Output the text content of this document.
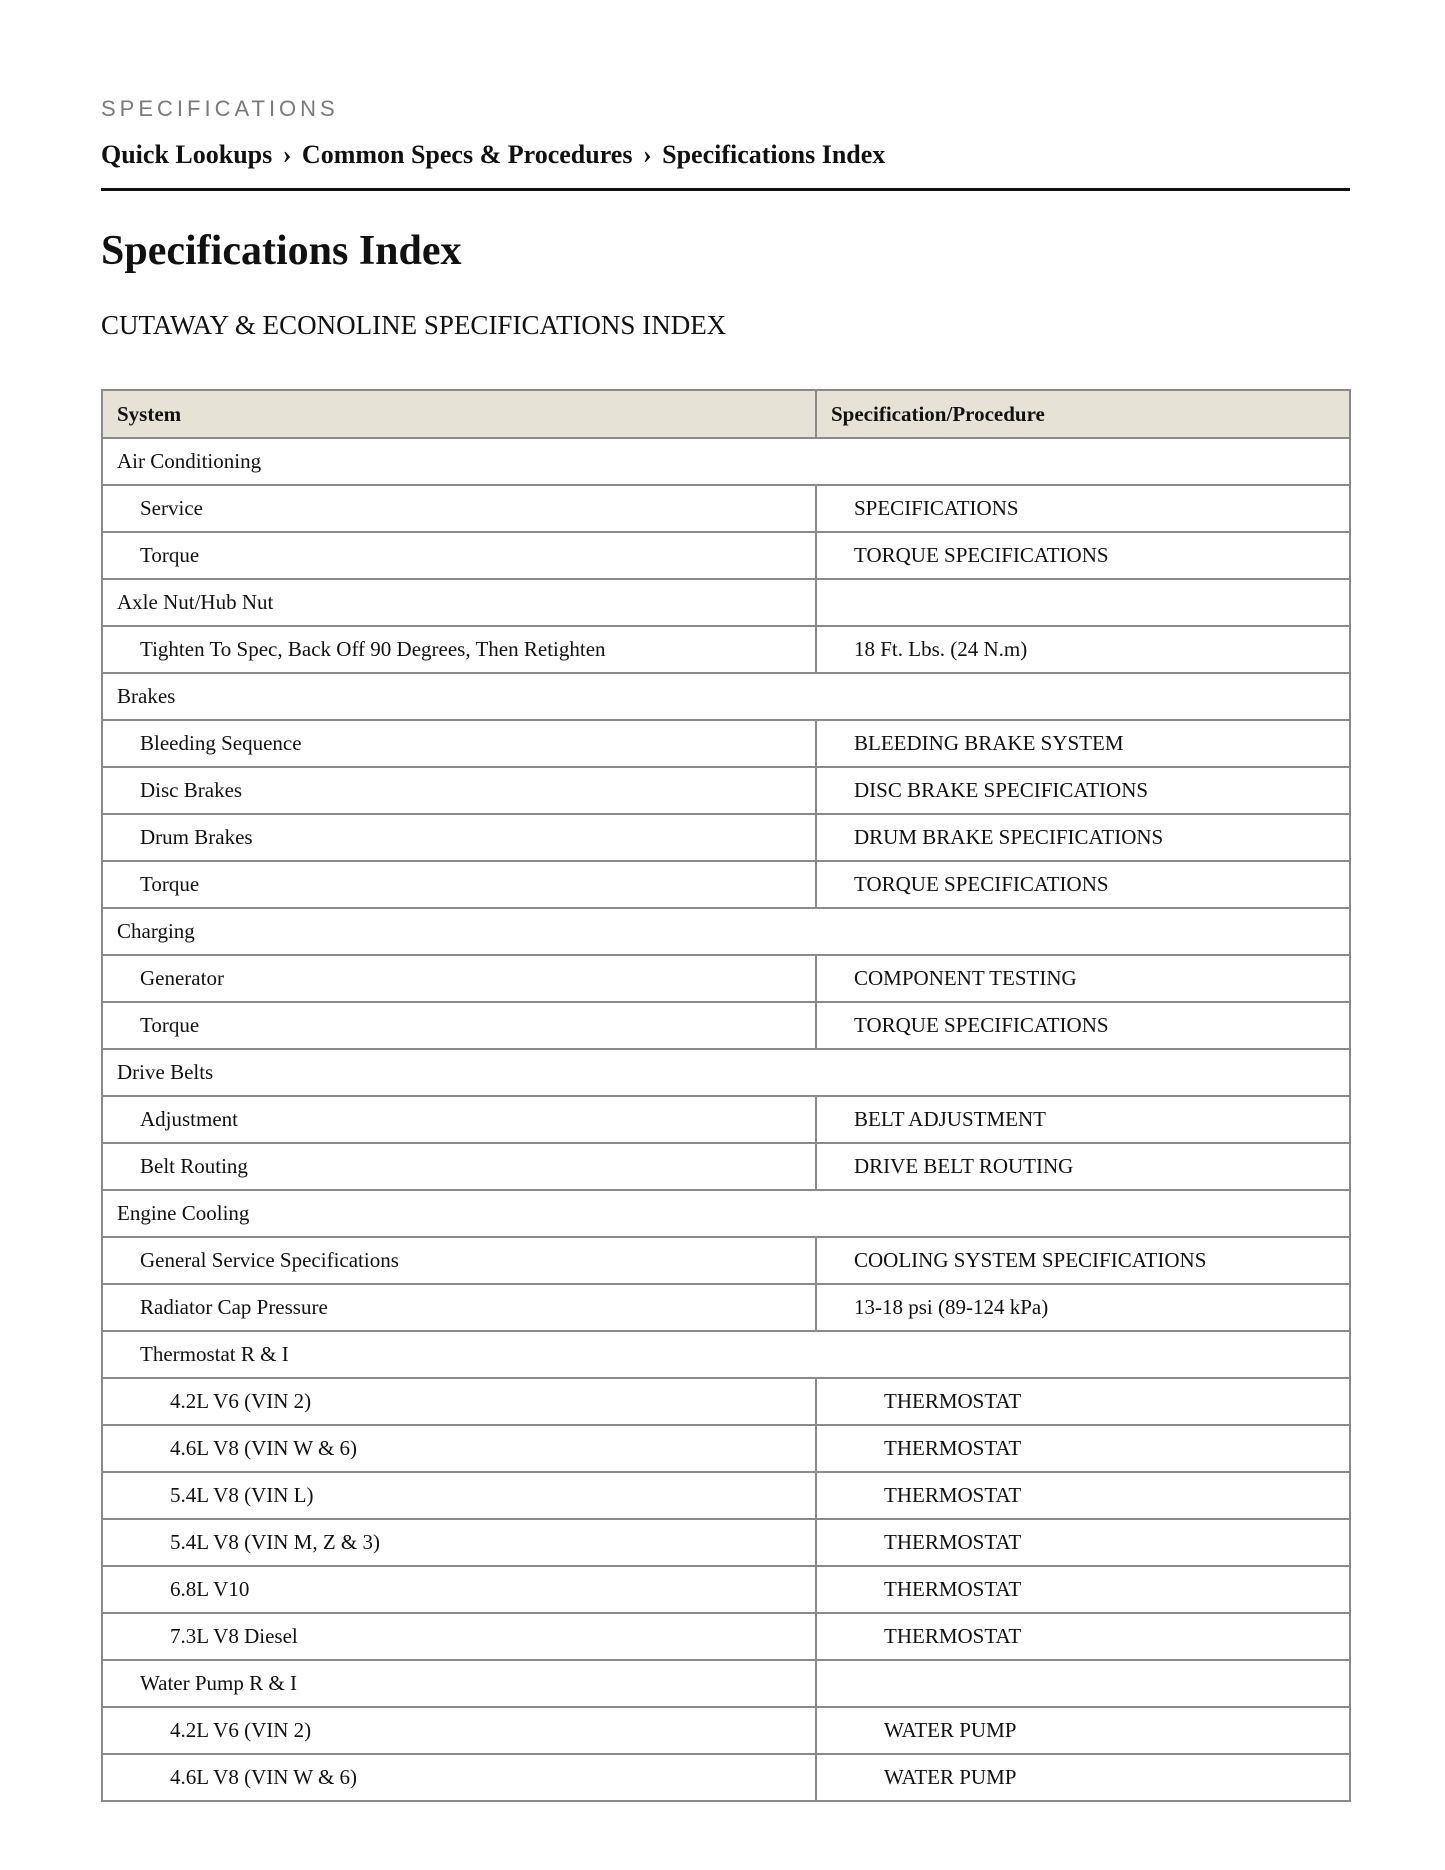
SPECIFICATIONS
Quick Lookups › Common Specs & Procedures › Specifications Index
Specifications Index
CUTAWAY & ECONOLINE SPECIFICATIONS INDEX
System	Specification/Procedure
Air Conditioning	
Service	SPECIFICATIONS
Torque	TORQUE SPECIFICATIONS
Axle Nut/Hub Nut	
Tighten To Spec, Back Off 90 Degrees, Then Retighten	18 Ft. Lbs. (24 N.m)
Brakes	
Bleeding Sequence	BLEEDING BRAKE SYSTEM
Disc Brakes	DISC BRAKE SPECIFICATIONS
Drum Brakes	DRUM BRAKE SPECIFICATIONS
Torque	TORQUE SPECIFICATIONS
Charging	
Generator	COMPONENT TESTING
Torque	TORQUE SPECIFICATIONS
Drive Belts	
Adjustment	BELT ADJUSTMENT
Belt Routing	DRIVE BELT ROUTING
Engine Cooling	
General Service Specifications	COOLING SYSTEM SPECIFICATIONS
Radiator Cap Pressure	13-18 psi (89-124 kPa)
Thermostat R & I	
4.2L V6 (VIN 2)	THERMOSTAT
4.6L V8 (VIN W & 6)	THERMOSTAT
5.4L V8 (VIN L)	THERMOSTAT
5.4L V8 (VIN M, Z & 3)	THERMOSTAT
6.8L V10	THERMOSTAT
7.3L V8 Diesel	THERMOSTAT
Water Pump R & I	
4.2L V6 (VIN 2)	WATER PUMP
4.6L V8 (VIN W & 6)	WATER PUMP
